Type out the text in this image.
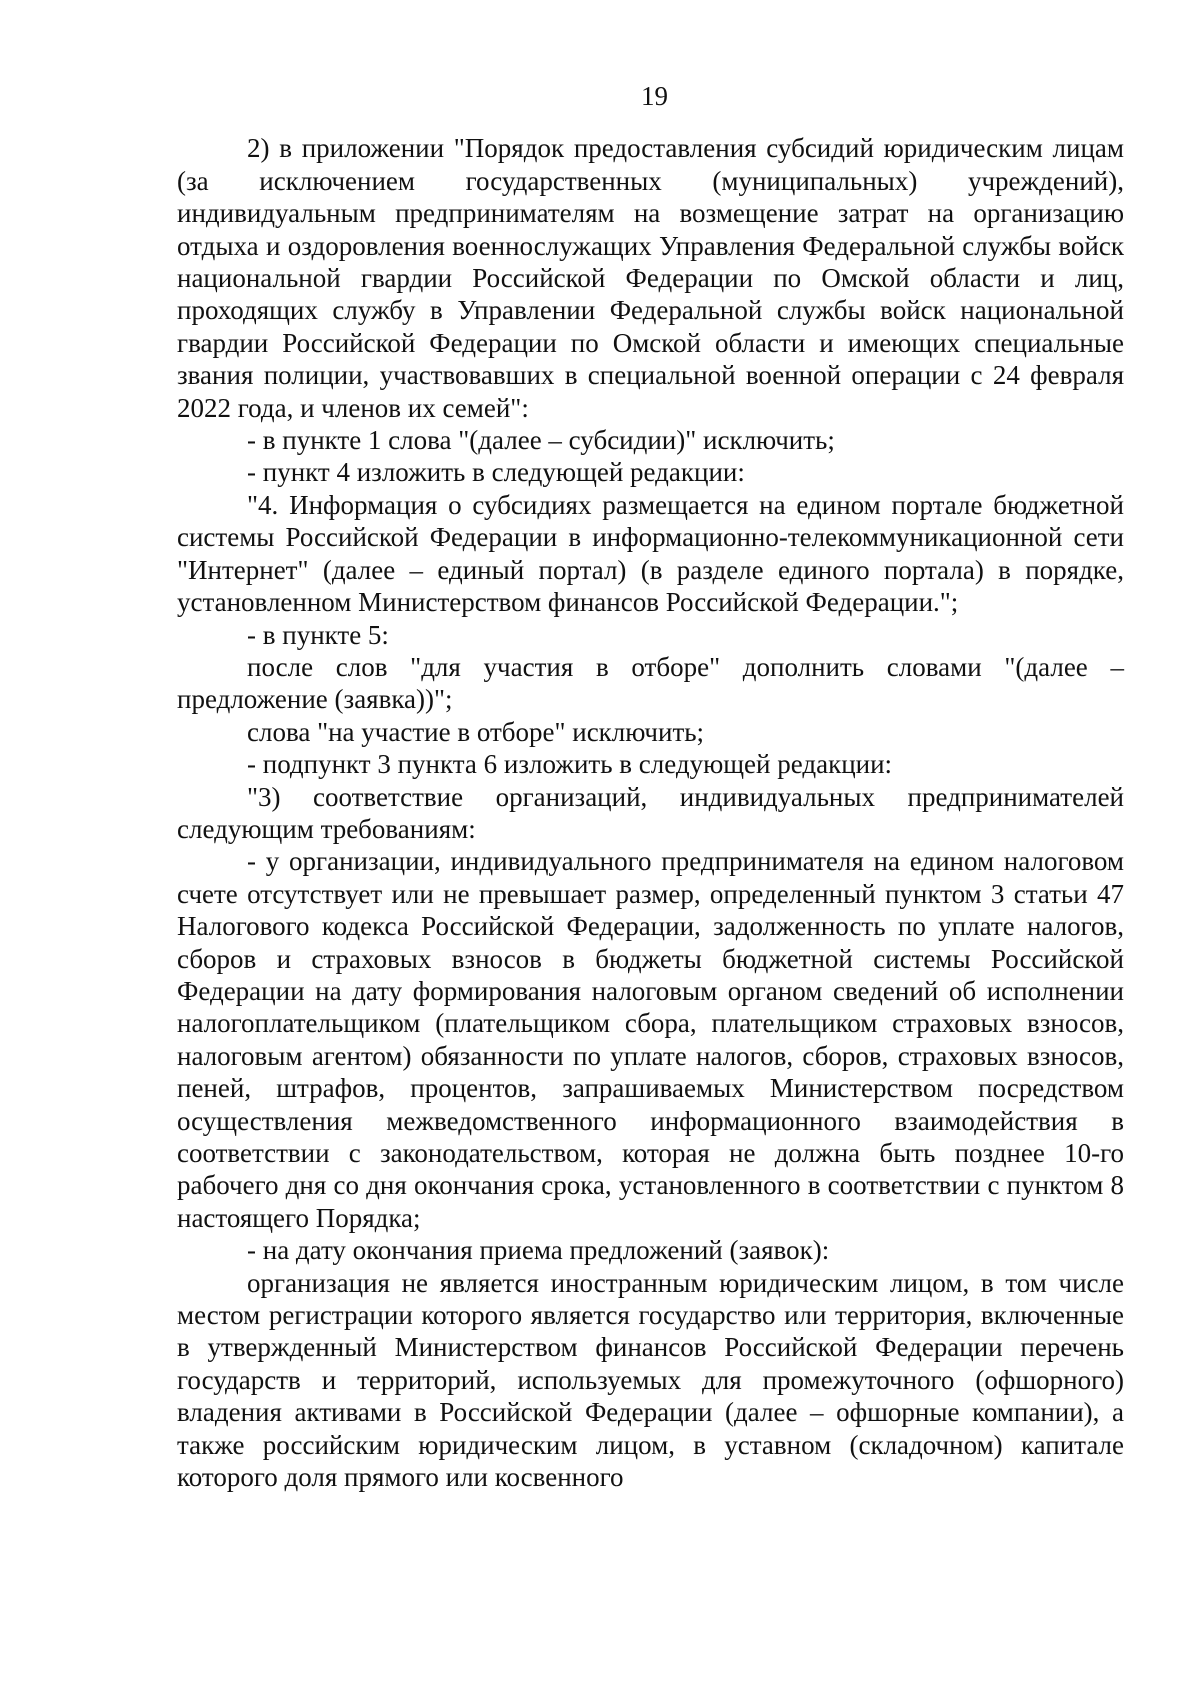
19

2) в приложении "Порядок предоставления субсидий юридическим лицам (за исключением государственных (муниципальных) учреждений), индивидуальным предпринимателям на возмещение затрат на организацию отдыха и оздоровления военнослужащих Управления Федеральной службы войск национальной гвардии Российской Федерации по Омской области и лиц, проходящих службу в Управлении Федеральной службы войск национальной гвардии Российской Федерации по Омской области и имеющих специальные звания полиции, участвовавших в специальной военной операции с 24 февраля 2022 года, и членов их семей":

- в пункте 1 слова "(далее – субсидии)" исключить;

- пункт 4 изложить в следующей редакции:

"4. Информация о субсидиях размещается на едином портале бюджетной системы Российской Федерации в информационно-телекоммуникационной сети "Интернет" (далее – единый портал) (в разделе единого портала) в порядке, установленном Министерством финансов Российской Федерации.";

- в пункте 5:

после слов "для участия в отборе" дополнить словами "(далее – предложение (заявка))";

слова "на участие в отборе" исключить;

- подпункт 3 пункта 6 изложить в следующей редакции:

"3) соответствие организаций, индивидуальных предпринимателей следующим требованиям:

- у организации, индивидуального предпринимателя на едином налоговом счете отсутствует или не превышает размер, определенный пунктом 3 статьи 47 Налогового кодекса Российской Федерации, задолженность по уплате налогов, сборов и страховых взносов в бюджеты бюджетной системы Российской Федерации на дату формирования налоговым органом сведений об исполнении налогоплательщиком (плательщиком сбора, плательщиком страховых взносов, налоговым агентом) обязанности по уплате налогов, сборов, страховых взносов, пеней, штрафов, процентов, запрашиваемых Министерством посредством осуществления межведомственного информационного взаимодействия в соответствии с законодательством, которая не должна быть позднее 10-го рабочего дня со дня окончания срока, установленного в соответствии с пунктом 8 настоящего Порядка;

- на дату окончания приема предложений (заявок):

организация не является иностранным юридическим лицом, в том числе местом регистрации которого является государство или территория, включенные в утвержденный Министерством финансов Российской Федерации перечень государств и территорий, используемых для промежуточного (офшорного) владения активами в Российской Федерации (далее – офшорные компании), а также российским юридическим лицом, в уставном (складочном) капитале которого доля прямого или косвенного
